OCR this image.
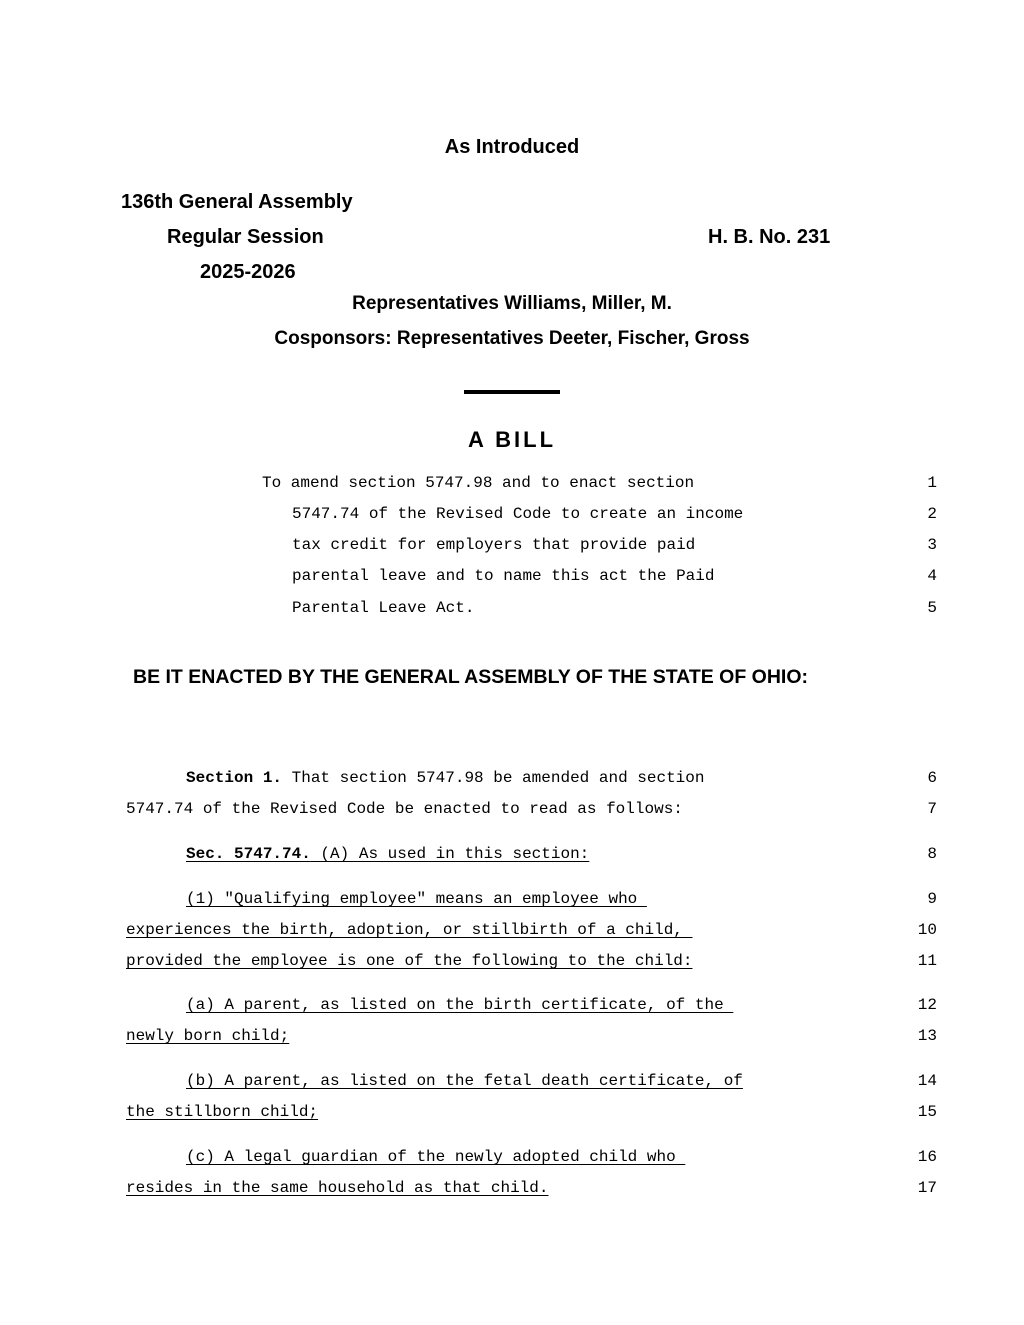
As Introduced
136th General Assembly
Regular Session	H. B. No. 231
2025-2026
Representatives Williams, Miller, M.
Cosponsors: Representatives Deeter, Fischer, Gross
A BILL
To amend section 5747.98 and to enact section	1
5747.74 of the Revised Code to create an income	2
tax credit for employers that provide paid	3
parental leave and to name this act the Paid	4
Parental Leave Act.	5
BE IT ENACTED BY THE GENERAL ASSEMBLY OF THE STATE OF OHIO:
Section 1. That section 5747.98 be amended and section	6
5747.74 of the Revised Code be enacted to read as follows:	7
Sec. 5747.74. (A) As used in this section:	8
(1) "Qualifying employee" means an employee who	9
experiences the birth, adoption, or stillbirth of a child,	10
provided the employee is one of the following to the child:	11
(a) A parent, as listed on the birth certificate, of the	12
newly born child;	13
(b) A parent, as listed on the fetal death certificate, of	14
the stillborn child;	15
(c) A legal guardian of the newly adopted child who	16
resides in the same household as that child.	17
